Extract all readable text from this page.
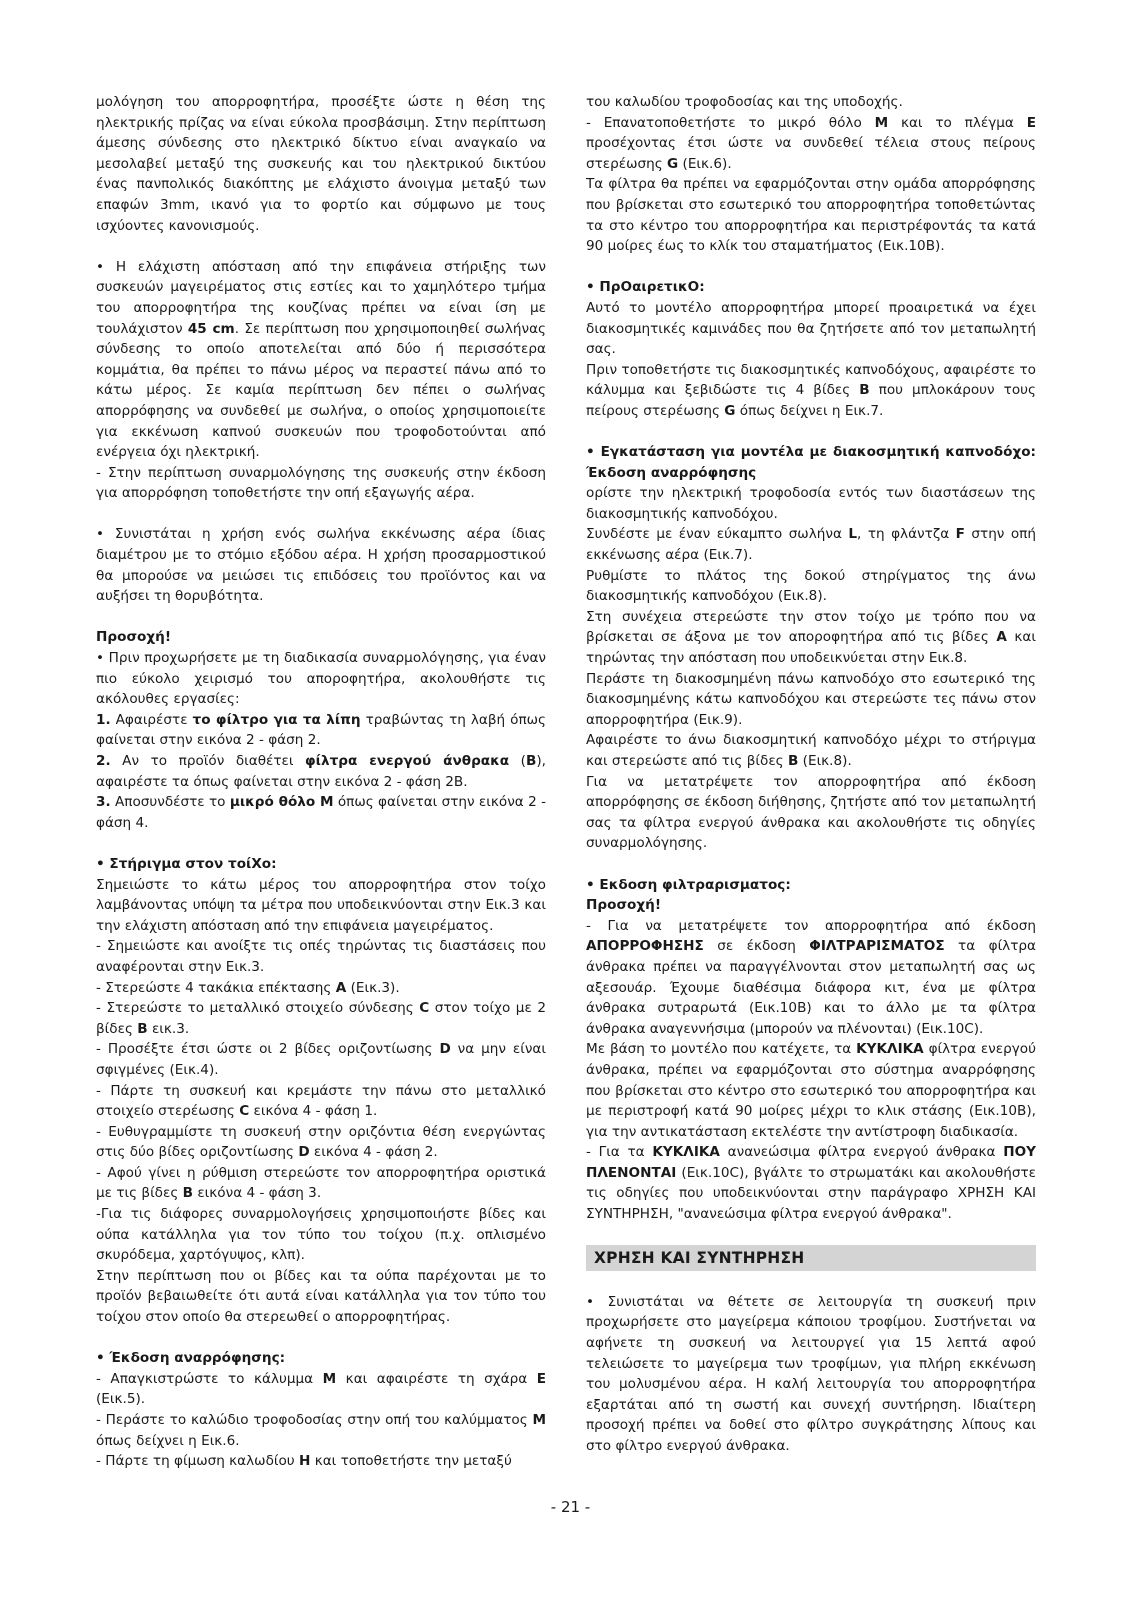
μολόγηση του απορροφητήρα, προσέξτε ώστε η θέση της ηλεκτρικής πρίζας να είναι εύκολα προσβάσιμη. Στην περίπτωση άμεσης σύνδεσης στο ηλεκτρικό δίκτυο είναι αναγκαίο να μεσολαβεί μεταξύ της συσκευής και του ηλεκτρικού δικτύου ένας πανπολικός διακόπτης με ελάχιστο άνοιγμα μεταξύ των επαφών 3mm, ικανό για το φορτίο και σύμφωνο με τους ισχύοντες κανονισμούς.

• Η ελάχιστη απόσταση από την επιφάνεια στήριξης των συσκευών μαγειρέματος στις εστίες και το χαμηλότερο τμήμα του απορροφητήρα της κουζίνας πρέπει να είναι ίση με τουλάχιστον 45 cm. Σε περίπτωση που χρησιμοποιηθεί σωλήνας σύνδεσης το οποίο αποτελείται από δύο ή περισσότερα κομμάτια, θα πρέπει το πάνω μέρος να περαστεί πάνω από το κάτω μέρος. Σε καμία περίπτωση δεν πέπει ο σωλήνας απορρόφησης να συνδεθεί με σωλήνα, ο οποίος χρησιμοποιείτε για εκκένωση καπνού συσκευών που τροφοδοτούνται από ενέργεια όχι ηλεκτρική.

- Στην περίπτωση συναρμολόγησης της συσκευής στην έκδοση για απορρόφηση τοποθετήστε την οπή εξαγωγής αέρα.

• Συνιστάται η χρήση ενός σωλήνα εκκένωσης αέρα ίδιας διαμέτρου με το στόμιο εξόδου αέρα. Η χρήση προσαρμοστικού θα μπορούσε να μειώσει τις επιδόσεις του προϊόντος και να αυξήσει τη θορυβότητα.

Προσοχή!

• Πριν προχωρήσετε με τη διαδικασία συναρμολόγησης, για έναν πιο εύκολο χειρισμό του αποροφητήρα, ακολουθήστε τις ακόλουθες εργασίες:

1. Αφαιρέστε το φίλτρο για τα λίπη τραβώντας τη λαβή όπως φαίνεται στην εικόνα 2 - φάση 2.

2. Αν το προϊόν διαθέτει φίλτρα ενεργού άνθρακα (B), αφαιρέστε τα όπως φαίνεται στην εικόνα 2 - φάση 2Β.

3. Αποσυνδέστε το μικρό θόλο M όπως φαίνεται στην εικόνα 2 - φάση 4.

• Στήριγμα στον τοίΧο:

Σημειώστε το κάτω μέρος του απορροφητήρα στον τοίχο λαμβάνοντας υπόψη τα μέτρα που υποδεικνύονται στην Εικ.3 και την ελάχιστη απόσταση από την επιφάνεια μαγειρέματος.

- Σημειώστε και ανοίξτε τις οπές τηρώντας τις διαστάσεις που αναφέρονται στην Εικ.3.

- Στερεώστε 4 τακάκια επέκτασης A (Εικ.3).

- Στερεώστε το μεταλλικό στοιχείο σύνδεσης C στον τοίχο με 2 βίδες B εικ.3.

- Προσέξτε έτσι ώστε οι 2 βίδες οριζοντίωσης D να μην είναι σφιγμένες (Εικ.4).

- Πάρτε τη συσκευή και κρεμάστε την πάνω στο μεταλλικό στοιχείο στερέωσης C εικόνα 4 - φάση 1.

- Ευθυγραμμίστε τη συσκευή στην οριζόντια θέση ενεργώντας στις δύο βίδες οριζοντίωσης D εικόνα 4 - φάση 2.

- Αφού γίνει η ρύθμιση στερεώστε τον απορροφητήρα οριστικά με τις βίδες B εικόνα 4 - φάση 3.

-Για τις διάφορες συναρμολογήσεις χρησιμοποιήστε βίδες και ούπα κατάλληλα για τον τύπο του τοίχου (π.χ. οπλισμένο σκυρόδεμα, χαρτόγυψος, κλπ).

Στην περίπτωση που οι βίδες και τα ούπα παρέχονται με το προϊόν βεβαιωθείτε ότι αυτά είναι κατάλληλα για τον τύπο του τοίχου στον οποίο θα στερεωθεί ο απορροφητήρας.

• Έκδοση αναρρόφησης:

- Απαγκιστρώστε το κάλυμμα M και αφαιρέστε τη σχάρα E (Εικ.5).

- Περάστε το καλώδιο τροφοδοσίας στην οπή του καλύμματος M όπως δείχνει η Εικ.6.

- Πάρτε τη φίμωση καλωδίου H και τοποθετήστε την μεταξύ

του καλωδίου τροφοδοσίας και της υποδοχής.

- Επανατοποθετήστε το μικρό θόλο M και το πλέγμα E προσέχοντας έτσι ώστε να συνδεθεί τέλεια στους πείρους στερέωσης G (Εικ.6).

Τα φίλτρα θα πρέπει να εφαρμόζονται στην ομάδα απορρόφησης που βρίσκεται στο εσωτερικό του απορροφητήρα τοποθετώντας τα στο κέντρο του απορροφητήρα και περιστρέφοντάς τα κατά 90 μοίρες έως το κλίκ του σταματήματος (Εικ.10Β).

• ΠρΟαιρετικΟ:

Αυτό το μοντέλο απορροφητήρα μπορεί προαιρετικά να έχει διακοσμητικές καμινάδες που θα ζητήσετε από τον μεταπωλητή σας.

Πριν τοποθετήστε τις διακοσμητικές καπνοδόχους, αφαιρέστε το κάλυμμα και ξεβιδώστε τις 4 βίδες B που μπλοκάρουν τους πείρους στερέωσης G όπως δείχνει η Εικ.7.

• Εγκατάσταση για μοντέλα με διακοσμητική καπνοδόχο: Έκδοση αναρρόφησης

ορίστε την ηλεκτρική τροφοδοσία εντός των διαστάσεων της διακοσμητικής καπνοδόχου.

Συνδέστε με έναν εύκαμπτο σωλήνα L, τη φλάντζα F στην οπή εκκένωσης αέρα (Εικ.7).

Ρυθμίστε το πλάτος της δοκού στηρίγματος της άνω διακοσμητικής καπνοδόχου (Εικ.8).

Στη συνέχεια στερεώστε την στον τοίχο με τρόπο που να βρίσκεται σε άξονα με τον απορoφητήρα από τις βίδες A και τηρώντας την απόσταση που υποδεικνύεται στην Εικ.8.

Περάστε τη διακοσμημένη πάνω καπνοδόχο στο εσωτερικό της διακοσμημένης κάτω καπνοδόχου και στερεώστε τες πάνω στον απορροφητήρα (Εικ.9).

Αφαιρέστε το άνω διακοσμητική καπνοδόχο μέχρι το στήριγμα και στερεώστε από τις βίδες B (Εικ.8).

Για να μετατρέψετε τον απορροφητήρα από έκδοση απορρόφησης σε έκδοση διήθησης, ζητήστε από τον μεταπωλητή σας τα φίλτρα ενεργού άνθρακα και ακολουθήστε τις οδηγίες συναρμολόγησης.

• Εκδοση φιλτραρισματος:

Προσοχή!

- Για να μετατρέψετε τον απορροφητήρα από έκδοση ΑΠΟΡΡΟΦΗΣΗΣ σε έκδοση ΦΙΛΤΡΑΡΙΣΜΑΤΟΣ τα φίλτρα άνθρακα πρέπει να παραγγέλνονται στον μεταπωλητή σας ως αξεσουάρ. Έχουμε διαθέσιμα διάφορα κιτ, ένα με φίλτρα άνθρακα συτραρωτά (Εικ.10Β) και το άλλο με τα φίλτρα άνθρακα αναγεννήσιμα (μπορούν να πλένονται) (Εικ.10C).

Με βάση το μοντέλο που κατέχετε, τα ΚΥΚΛΙΚΑ φίλτρα ενεργού άνθρακα, πρέπει να εφαρμόζονται στο σύστημα αναρρόφησης που βρίσκεται στο κέντρο στο εσωτερικό του απορροφητήρα και με περιστροφή κατά 90 μοίρες μέχρι το κλικ στάσης (Εικ.10Β), για την αντικατάσταση εκτελέστε την αντίστροφη διαδικασία.

- Για τα ΚΥΚΛΙΚΑ ανανεώσιμα φίλτρα ενεργού άνθρακα ΠΟΥ ΠΛΕΝΟΝΤΑΙ (Εικ.10C), βγάλτε το στρωματάκι και ακολουθήστε τις οδηγίες που υποδεικνύονται στην παράγραφο ΧΡΗΣΗ ΚΑΙ ΣΥΝΤΗΡΗΣΗ, "ανανεώσιμα φίλτρα ενεργού άνθρακα".

ΧΡΗΣΗ ΚΑΙ ΣΥΝΤΗΡΗΣΗ

• Συνιστάται να θέτετε σε λειτουργία τη συσκευή πριν προχωρήσετε στο μαγείρεμα κάποιου τροφίμου. Συστήνεται να αφήνετε τη συσκευή να λειτουργεί για 15 λεπτά αφού τελειώσετε το μαγείρεμα των τροφίμων, για πλήρη εκκένωση του μολυσμένου αέρα. Η καλή λειτουργία του απορροφητήρα εξαρτάται από τη σωστή και συνεχή συντήρηση. Ιδιαίτερη προσοχή πρέπει να δοθεί στο φίλτρο συγκράτησης λίπους και στο φίλτρο ενεργού άνθρακα.

- 21 -
